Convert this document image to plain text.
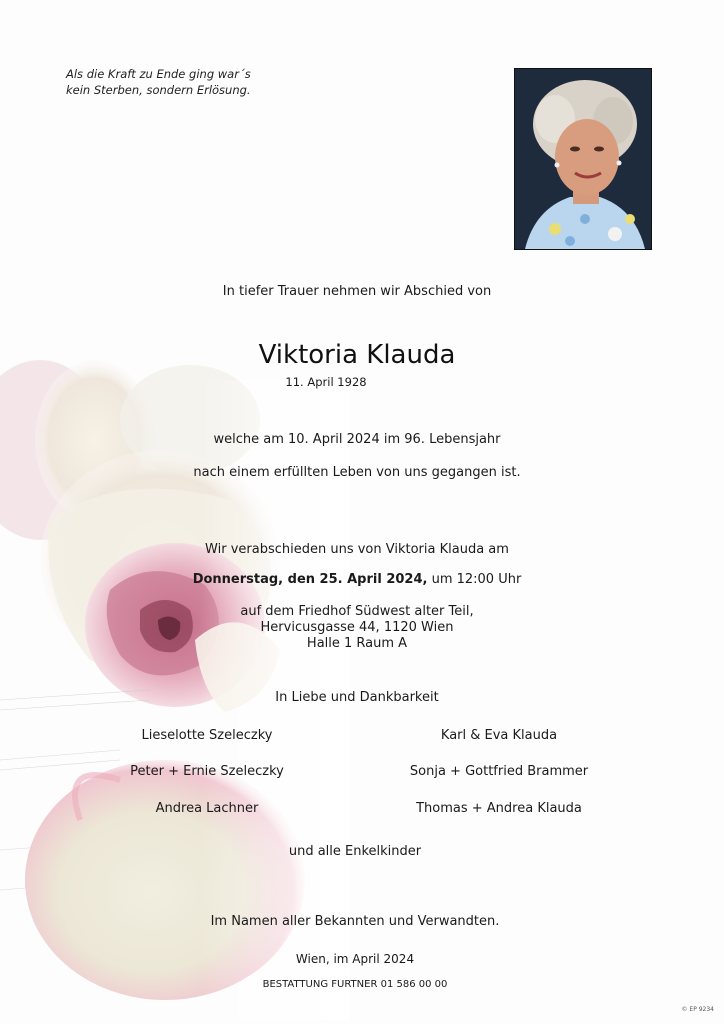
Als die Kraft zu Ende ging war´s
kein Sterben, sondern Erlösung.
In tiefer Trauer nehmen wir Abschied von
Viktoria Klauda
11. April 1928
welche am 10. April 2024 im 96. Lebensjahr
nach einem erfüllten Leben von uns gegangen ist.
Wir verabschieden uns von Viktoria Klauda am
Donnerstag, den 25. April 2024, um 12:00 Uhr
auf dem Friedhof Südwest alter Teil,
Hervicusgasse 44, 1120 Wien
Halle 1 Raum A
In Liebe und Dankbarkeit
Lieselotte Szeleczky
Peter + Ernie Szeleczky
Andrea Lachner
Karl & Eva Klauda
Sonja + Gottfried Brammer
Thomas + Andrea Klauda
und alle Enkelkinder
Im Namen aller Bekannten und Verwandten.
Wien, im April 2024
BESTATTUNG FURTNER 01 586 00 00
© EP 9234
